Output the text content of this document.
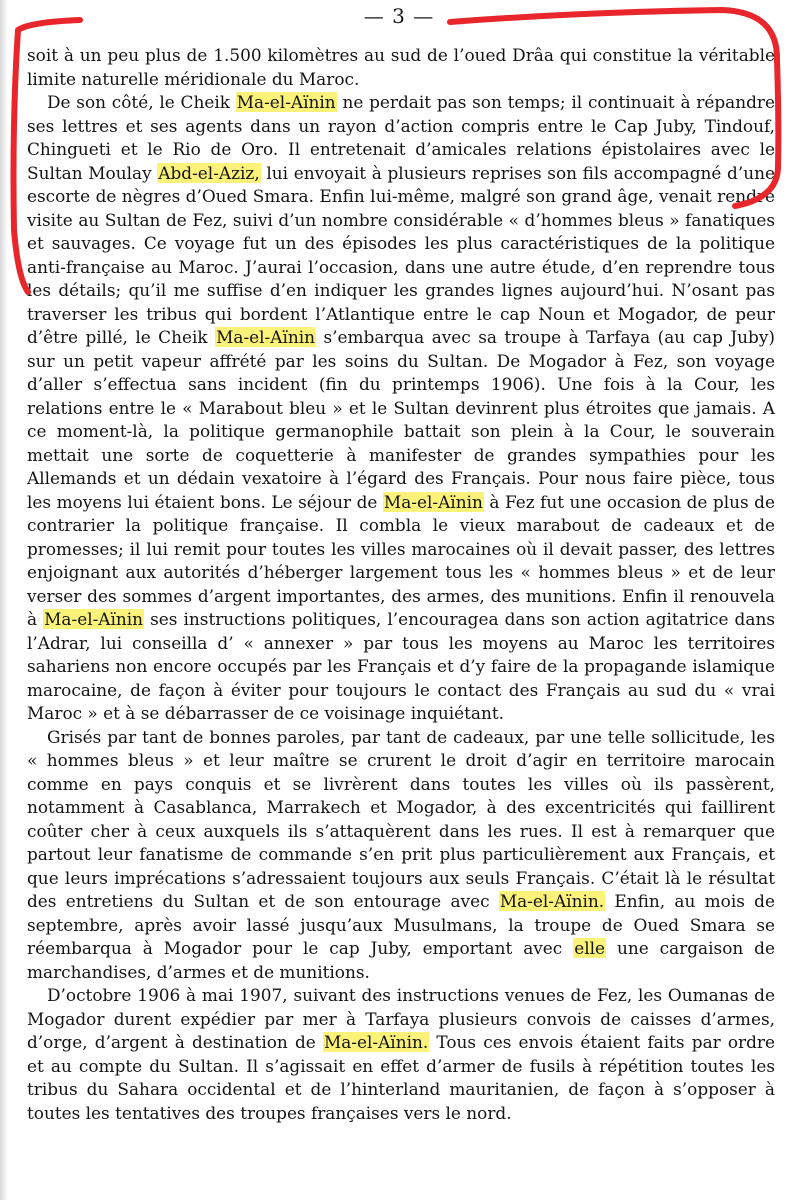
— 3 —

soit à un peu plus de 1.500 kilomètres au sud de l’oued Drâa qui constitue la véritable limite naturelle méridionale du Maroc.

De son côté, le Cheik Ma-el-Aïnin ne perdait pas son temps; il continuait à répandre ses lettres et ses agents dans un rayon d’action compris entre le Cap Juby, Tindouf, Chingueti et le Rio de Oro. Il entretenait d’amicales relations épistolaires avec le Sultan Moulay Abd-el-Aziz, lui envoyait à plusieurs reprises son fils accompagné d’une escorte de nègres d’Oued Smara. Enfin lui-même, malgré son grand âge, venait rendre visite au Sultan de Fez, suivi d’un nombre considérable « d’hommes bleus » fanatiques et sauvages. Ce voyage fut un des épisodes les plus caractéristiques de la politique anti-française au Maroc. J’aurai l’occasion, dans une autre étude, d’en reprendre tous les détails; qu’il me suffise d’en indiquer les grandes lignes aujourd’hui. N’osant pas traverser les tribus qui bordent l’Atlantique entre le cap Noun et Mogador, de peur d’être pillé, le Cheik Ma-el-Aïnin s’embarqua avec sa troupe à Tarfaya (au cap Juby) sur un petit vapeur affrété par les soins du Sultan. De Mogador à Fez, son voyage d’aller s’effectua sans incident (fin du printemps 1906). Une fois à la Cour, les relations entre le « Marabout bleu » et le Sultan devinrent plus étroites que jamais. A ce moment-là, la politique germanophile battait son plein à la Cour, le souverain mettait une sorte de coquetterie à manifester de grandes sympathies pour les Allemands et un dédain vexatoire à l’égard des Français. Pour nous faire pièce, tous les moyens lui étaient bons. Le séjour de Ma-el-Aïnin à Fez fut une occasion de plus de contrarier la politique française. Il combla le vieux marabout de cadeaux et de promesses; il lui remit pour toutes les villes marocaines où il devait passer, des lettres enjoignant aux autorités d’héberger largement tous les « hommes bleus » et de leur verser des sommes d’argent importantes, des armes, des munitions. Enfin il renouvela à Ma-el-Aïnin ses instructions politiques, l’encouragea dans son action agitatrice dans l’Adrar, lui conseilla d’ « annexer » par tous les moyens au Maroc les territoires sahariens non encore occupés par les Français et d’y faire de la propagande islamique marocaine, de façon à éviter pour toujours le contact des Français au sud du « vrai Maroc » et à se débarrasser de ce voisinage inquiétant.

Grisés par tant de bonnes paroles, par tant de cadeaux, par une telle sollicitude, les « hommes bleus » et leur maître se crurent le droit d’agir en territoire marocain comme en pays conquis et se livrèrent dans toutes les villes où ils passèrent, notamment à Casablanca, Marrakech et Mogador, à des excentricités qui faillirent coûter cher à ceux auxquels ils s’attaquèrent dans les rues. Il est à remarquer que partout leur fanatisme de commande s’en prit plus particulièrement aux Français, et que leurs imprécations s’adressaient toujours aux seuls Français. C’était là le résultat des entretiens du Sultan et de son entourage avec Ma-el-Aïnin. Enfin, au mois de septembre, après avoir lassé jusqu’aux Musulmans, la troupe de Oued Smara se réembarqua à Mogador pour le cap Juby, emportant avec elle une cargaison de marchandises, d’armes et de munitions.

D’octobre 1906 à mai 1907, suivant des instructions venues de Fez, les Oumanas de Mogador durent expédier par mer à Tarfaya plusieurs convois de caisses d’armes, d’orge, d’argent à destination de Ma-el-Aïnin. Tous ces envois étaient faits par ordre et au compte du Sultan. Il s’agissait en effet d’armer de fusils à répétition toutes les tribus du Sahara occidental et de l’hinterland mauritanien, de façon à s’opposer à toutes les tentatives des troupes françaises vers le nord.
